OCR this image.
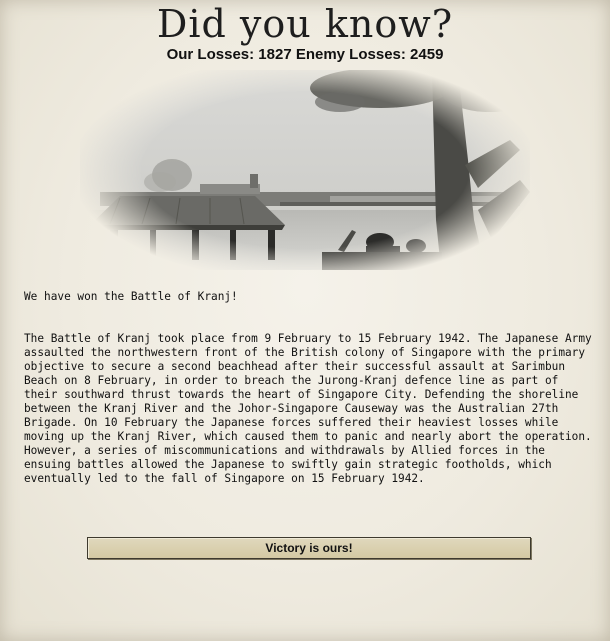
Did you know?
Our Losses: 1827 Enemy Losses: 2459

We have won the Battle of Kranj!

The Battle of Kranj took place from 9 February to 15 February 1942. The Japanese Army assaulted the northwestern front of the British colony of Singapore with the primary objective to secure a second beachhead after their successful assault at Sarimbun Beach on 8 February, in order to breach the Jurong-Kranj defence line as part of their southward thrust towards the heart of Singapore City. Defending the shoreline between the Kranj River and the Johor-Singapore Causeway was the Australian 27th Brigade. On 10 February the Japanese forces suffered their heaviest losses while moving up the Kranj River, which caused them to panic and nearly abort the operation. However, a series of miscommunications and withdrawals by Allied forces in the ensuing battles allowed the Japanese to swiftly gain strategic footholds, which eventually led to the fall of Singapore on 15 February 1942.

Victory is ours!
